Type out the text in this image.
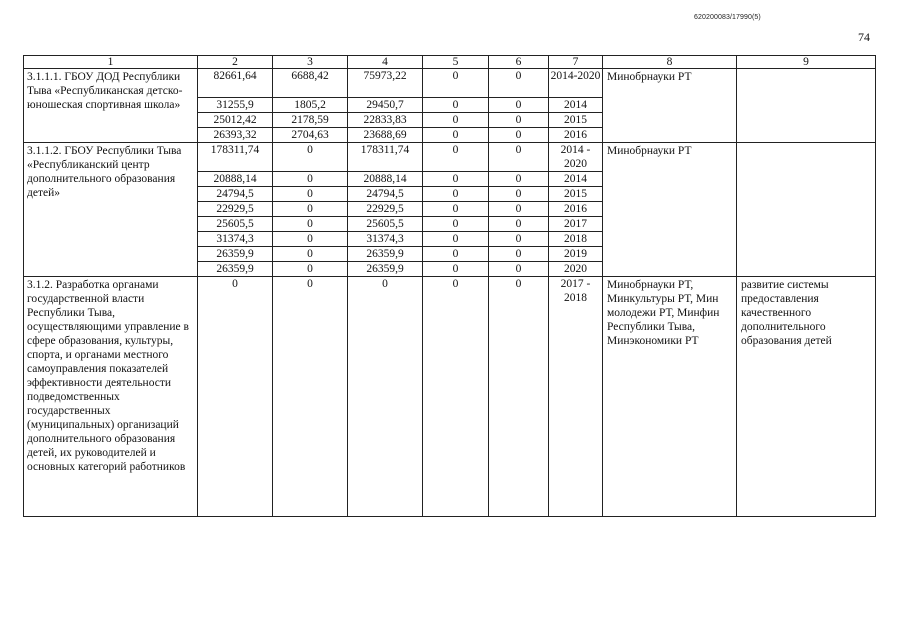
620200083/17990(5)
74
1	2	3	4	5	6	7	8	9
3.1.1.1. ГБОУ ДОД Республики Тыва «Республиканская детско-юношеская спортивная школа»	82661,64	6688,42	75973,22	0	0	2014-2020	Минобрнауки РТ	
	31255,9	1805,2	29450,7	0	0	2014		
	25012,42	2178,59	22833,83	0	0	2015		
	26393,32	2704,63	23688,69	0	0	2016		
3.1.1.2. ГБОУ Республики Тыва «Республиканский центр дополнительного образования детей»	178311,74	0	178311,74	0	0	2014 - 2020	Минобрнауки РТ	
	20888,14	0	20888,14	0	0	2014		
	24794,5	0	24794,5	0	0	2015		
	22929,5	0	22929,5	0	0	2016		
	25605,5	0	25605,5	0	0	2017		
	31374,3	0	31374,3	0	0	2018		
	26359,9	0	26359,9	0	0	2019		
	26359,9	0	26359,9	0	0	2020		
3.1.2. Разработка органами государственной власти Республики Тыва, осуществляющими управление в сфере образования, культуры, спорта, и органами местного самоуправления показателей эффективности деятельности подведомственных государственных (муниципальных) организаций дополнительного образования детей, их руководителей и основных категорий работников	0	0	0	0	0	2017 - 2018	Минобрнауки РТ, Минкультуры РТ, Мин молодежи РТ, Минфин Республики Тыва, Минэкономики РТ	развитие системы предоставления качественного дополнительного образования детей
